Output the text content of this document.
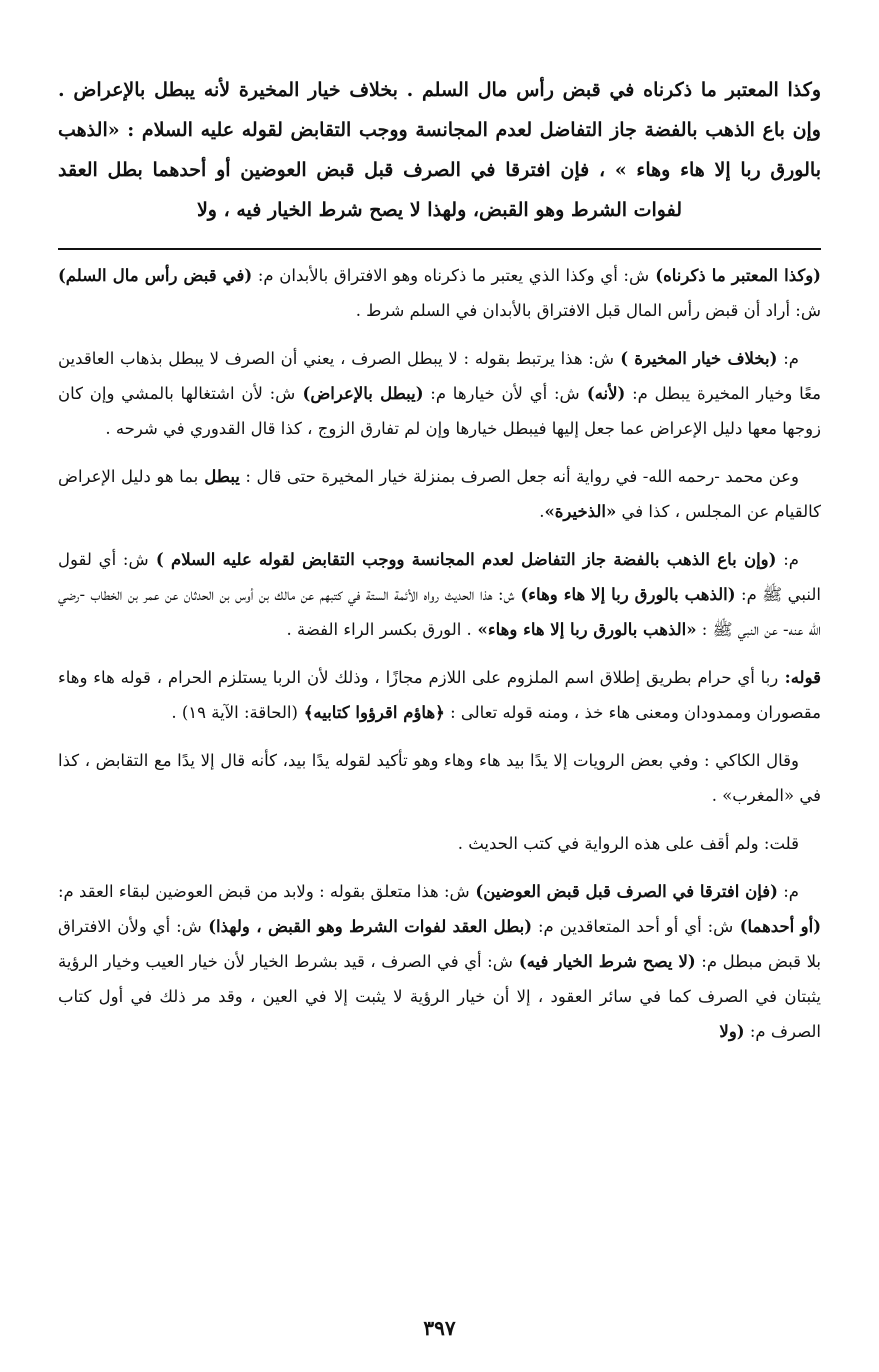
وكذا المعتبر ما ذكرناه في قبض رأس مال السلم . بخلاف خيار المخيرة لأنه يبطل بالإعراض . وإن باع الذهب بالفضة جاز التفاضل لعدم المجانسة ووجب التقابض لقوله عليه السلام : «الذهب بالورق ربا إلا هاء وهاء » ، فإن افترقا في الصرف قبل قبض العوضين أو أحدهما بطل العقد لفوات الشرط وهو القبض، ولهذا لا يصح شرط الخيار فيه ، ولا

(وكذا المعتبر ما ذكرناه) ش: أي وكذا الذي يعتبر ما ذكرناه وهو الافتراق بالأبدان م: (في قبض رأس مال السلم) ش: أراد أن قبض رأس المال قبل الافتراق بالأبدان في السلم شرط .

م: (بخلاف خيار المخيرة ) ش: هذا يرتبط بقوله : لا يبطل الصرف ، يعني أن الصرف لا يبطل بذهاب العاقدين معًا وخيار المخيرة يبطل م: (لأنه) ش: أي لأن خيارها م: (يبطل بالإعراض) ش: لأن اشتغالها بالمشي وإن كان زوجها معها دليل الإعراض عما جعل إليها فيبطل خيارها وإن لم تفارق الزوج ، كذا قال القدوري في شرحه .

وعن محمد -رحمه الله- في رواية أنه جعل الصرف بمنزلة خيار المخيرة حتى قال : يبطل بما هو دليل الإعراض كالقيام عن المجلس ، كذا في «الذخيرة».

م: (وإن باع الذهب بالفضة جاز التفاضل لعدم المجانسة ووجب التقابض لقوله عليه السلام ) ش: أي لقول النبي ﷺ م: (الذهب بالورق ربا إلا هاء وهاء) ش: هذا الحديث رواه الأئمة الستة في كتبهم عن مالك بن أوس بن الحدثان عن عمر بن الخطاب -رضي الله عنه- عن النبي ﷺ : «الذهب بالورق ربا إلا هاء وهاء» . الورق بكسر الراء الفضة .

قوله: ربا أي حرام بطريق إطلاق اسم الملزوم على اللازم مجازًا ، وذلك لأن الربا يستلزم الحرام ، قوله هاء وهاء مقصوران وممدودان ومعنى هاء خذ ، ومنه قوله تعالى : ﴿هاؤم اقرؤوا كتابيه﴾ (الحاقة: الآية ١٩) .

وقال الكاكي : وفي بعض الرويات إلا يدًا بيد هاء وهاء وهو تأكيد لقوله يدًا بيد، كأنه قال إلا يدًا مع التقابض ، كذا في «المغرب» .

قلت: ولم أقف على هذه الرواية في كتب الحديث .

م: (فإن افترقا في الصرف قبل قبض العوضين) ش: هذا متعلق بقوله : ولابد من قبض العوضين لبقاء العقد م: (أو أحدهما) ش: أي أو أحد المتعاقدين م: (بطل العقد لفوات الشرط وهو القبض ، ولهذا) ش: أي ولأن الافتراق بلا قبض مبطل م: (لا يصح شرط الخيار فيه) ش: أي في الصرف ، قيد بشرط الخيار لأن خيار العيب وخيار الرؤية يثبتان في الصرف كما في سائر العقود ، إلا أن خيار الرؤية لا يثبت إلا في العين ، وقد مر ذلك في أول كتاب الصرف م: (ولا

٣٩٧
